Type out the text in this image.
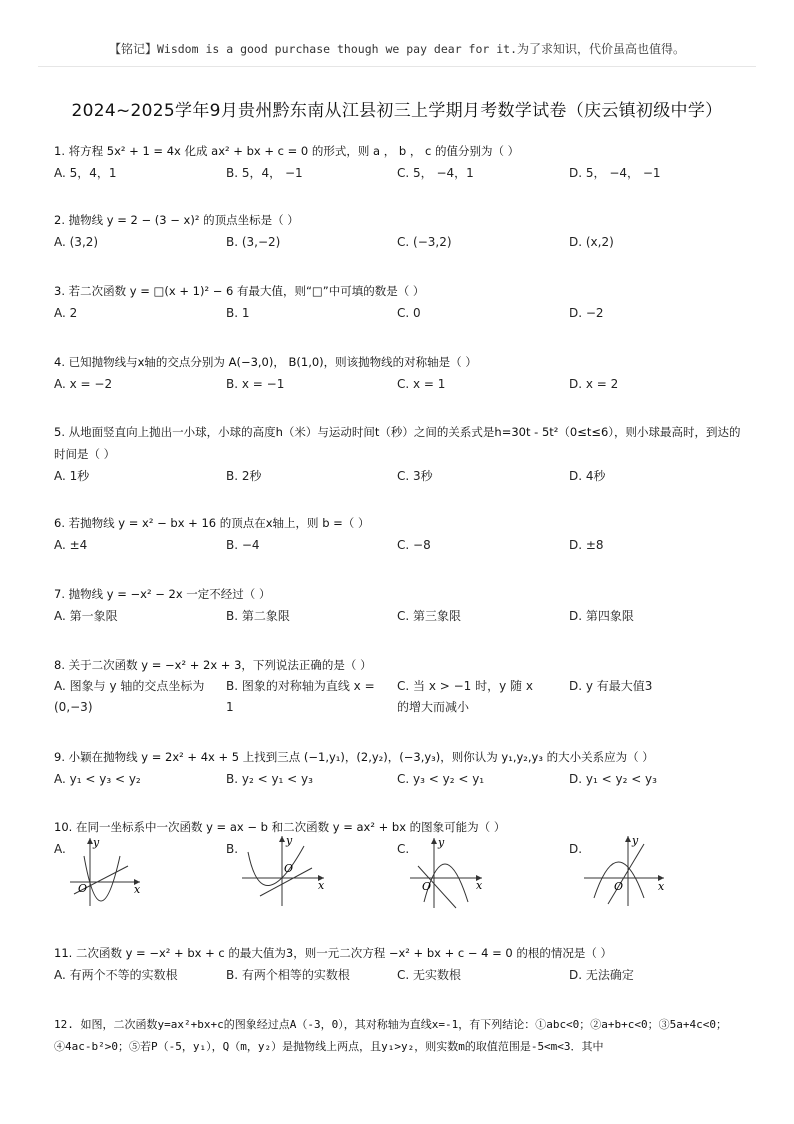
【铭记】Wisdom is a good purchase though we pay dear for it.为了求知识，代价虽高也值得。
2024~2025学年9月贵州黔东南从江县初三上学期月考数学试卷（庆云镇初级中学）
1. 将方程 5x² + 1 = 4x 化成 ax² + bx + c = 0 的形式，则 a ， b ， c 的值分别为（ ）
A. 5，4，1	B. 5，4， −1	C. 5， −4，1	D. 5， −4， −1
2. 抛物线 y = 2 − (3 − x)² 的顶点坐标是（ ）
A. (3,2)	B. (3,−2)	C. (−3,2)	D. (x,2)
3. 若二次函数 y = □(x + 1)² − 6 有最大值，则“□”中可填的数是（ ）
A. 2	B. 1	C. 0	D. −2
4. 已知抛物线与x轴的交点分别为 A(−3,0)， B(1,0)，则该抛物线的对称轴是（ ）
A. x = −2	B. x = −1	C. x = 1	D. x = 2
5. 从地面竖直向上抛出一小球，小球的高度h（米）与运动时间t（秒）之间的关系式是h=30t - 5t²（0≤t≤6），则小球最高时，到达的时间是（ ）
A. 1秒	B. 2秒	C. 3秒	D. 4秒
6. 若抛物线 y = x² − bx + 16 的顶点在x轴上，则 b =（ ）
A. ±4	B. −4	C. −8	D. ±8
7. 抛物线 y = −x² − 2x 一定不经过（ ）
A. 第一象限	B. 第二象限	C. 第三象限	D. 第四象限
8. 关于二次函数 y = −x² + 2x + 3，下列说法正确的是（ ）
A. 图象与 y 轴的交点坐标为 (0,−3)
B. 图象的对称轴为直线 x = 1
C. 当 x > −1 时，y 随 x 的增大而减小
D. y 有最大值3
9. 小颖在抛物线 y = 2x² + 4x + 5 上找到三点 (−1,y₁)，(2,y₂)，(−3,y₃)，则你认为 y₁,y₂,y₃ 的大小关系应为（ ）
A. y₁ < y₃ < y₂	B. y₂ < y₁ < y₃	C. y₃ < y₂ < y₁	D. y₁ < y₂ < y₃
10. 在同一坐标系中一次函数 y = ax − b 和二次函数 y = ax² + bx 的图象可能为（ ）
A.	B.	C.	D.
y
O	x
y
O
x
y
O	x
y
O	x
11. 二次函数 y = −x² + bx + c 的最大值为3，则一元二次方程 −x² + bx + c − 4 = 0 的根的情况是（ ）
A. 有两个不等的实数根	B. 有两个相等的实数根	C. 无实数根	D. 无法确定
12. 如图，二次函数y=ax²+bx+c的图象经过点A（-3，0），其对称轴为直线x=-1，有下列结论：①abc<0；②a+b+c<0；③5a+4c<0；④4ac-b²>0；⑤若P（-5，y₁），Q（m，y₂）是抛物线上两点，且y₁>y₂，则实数m的取值范围是-5<m<3．其中
